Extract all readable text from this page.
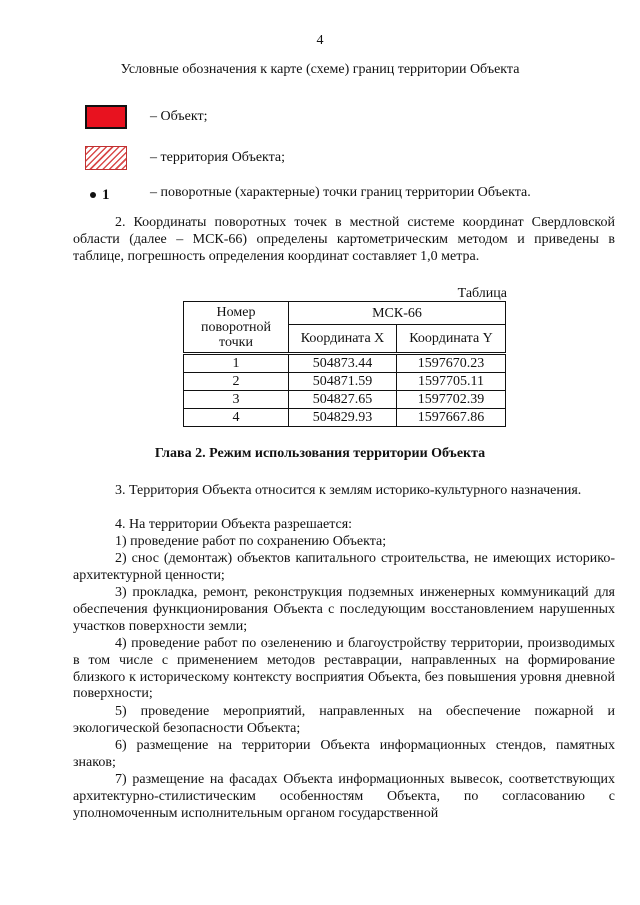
4
Условные обозначения к карте (схеме) границ территории Объекта
– Объект;
– территория Объекта;
1	– поворотные (характерные) точки границ территории Объекта.
2. Координаты поворотных точек в местной системе координат Свердловской области (далее – МСК-66) определены картометрическим методом и приведены в таблице, погрешность определения координат составляет 1,0 метра.
Таблица
Номер поворотной точки	МСК-66	
	Координата X	Координата Y
1	504873.44	1597670.23
2	504871.59	1597705.11
3	504827.65	1597702.39
4	504829.93	1597667.86
Глава 2. Режим использования территории Объекта
3. Территория Объекта относится к землям историко-культурного назначения.
4. На территории Объекта разрешается:
1) проведение работ по сохранению Объекта;
2) снос (демонтаж) объектов капитального строительства, не имеющих историко-архитектурной ценности;
3) прокладка, ремонт, реконструкция подземных инженерных коммуникаций для обеспечения функционирования Объекта с последующим восстановлением нарушенных участков поверхности земли;
4) проведение работ по озеленению и благоустройству территории, производимых в том числе с применением методов реставрации, направленных на формирование близкого к историческому контексту восприятия Объекта, без повышения уровня дневной поверхности;
5) проведение мероприятий, направленных на обеспечение пожарной и экологической безопасности Объекта;
6) размещение на территории Объекта информационных стендов, памятных знаков;
7) размещение на фасадах Объекта информационных вывесок, соответствующих архитектурно-стилистическим особенностям Объекта, по согласованию с уполномоченным исполнительным органом государственной
